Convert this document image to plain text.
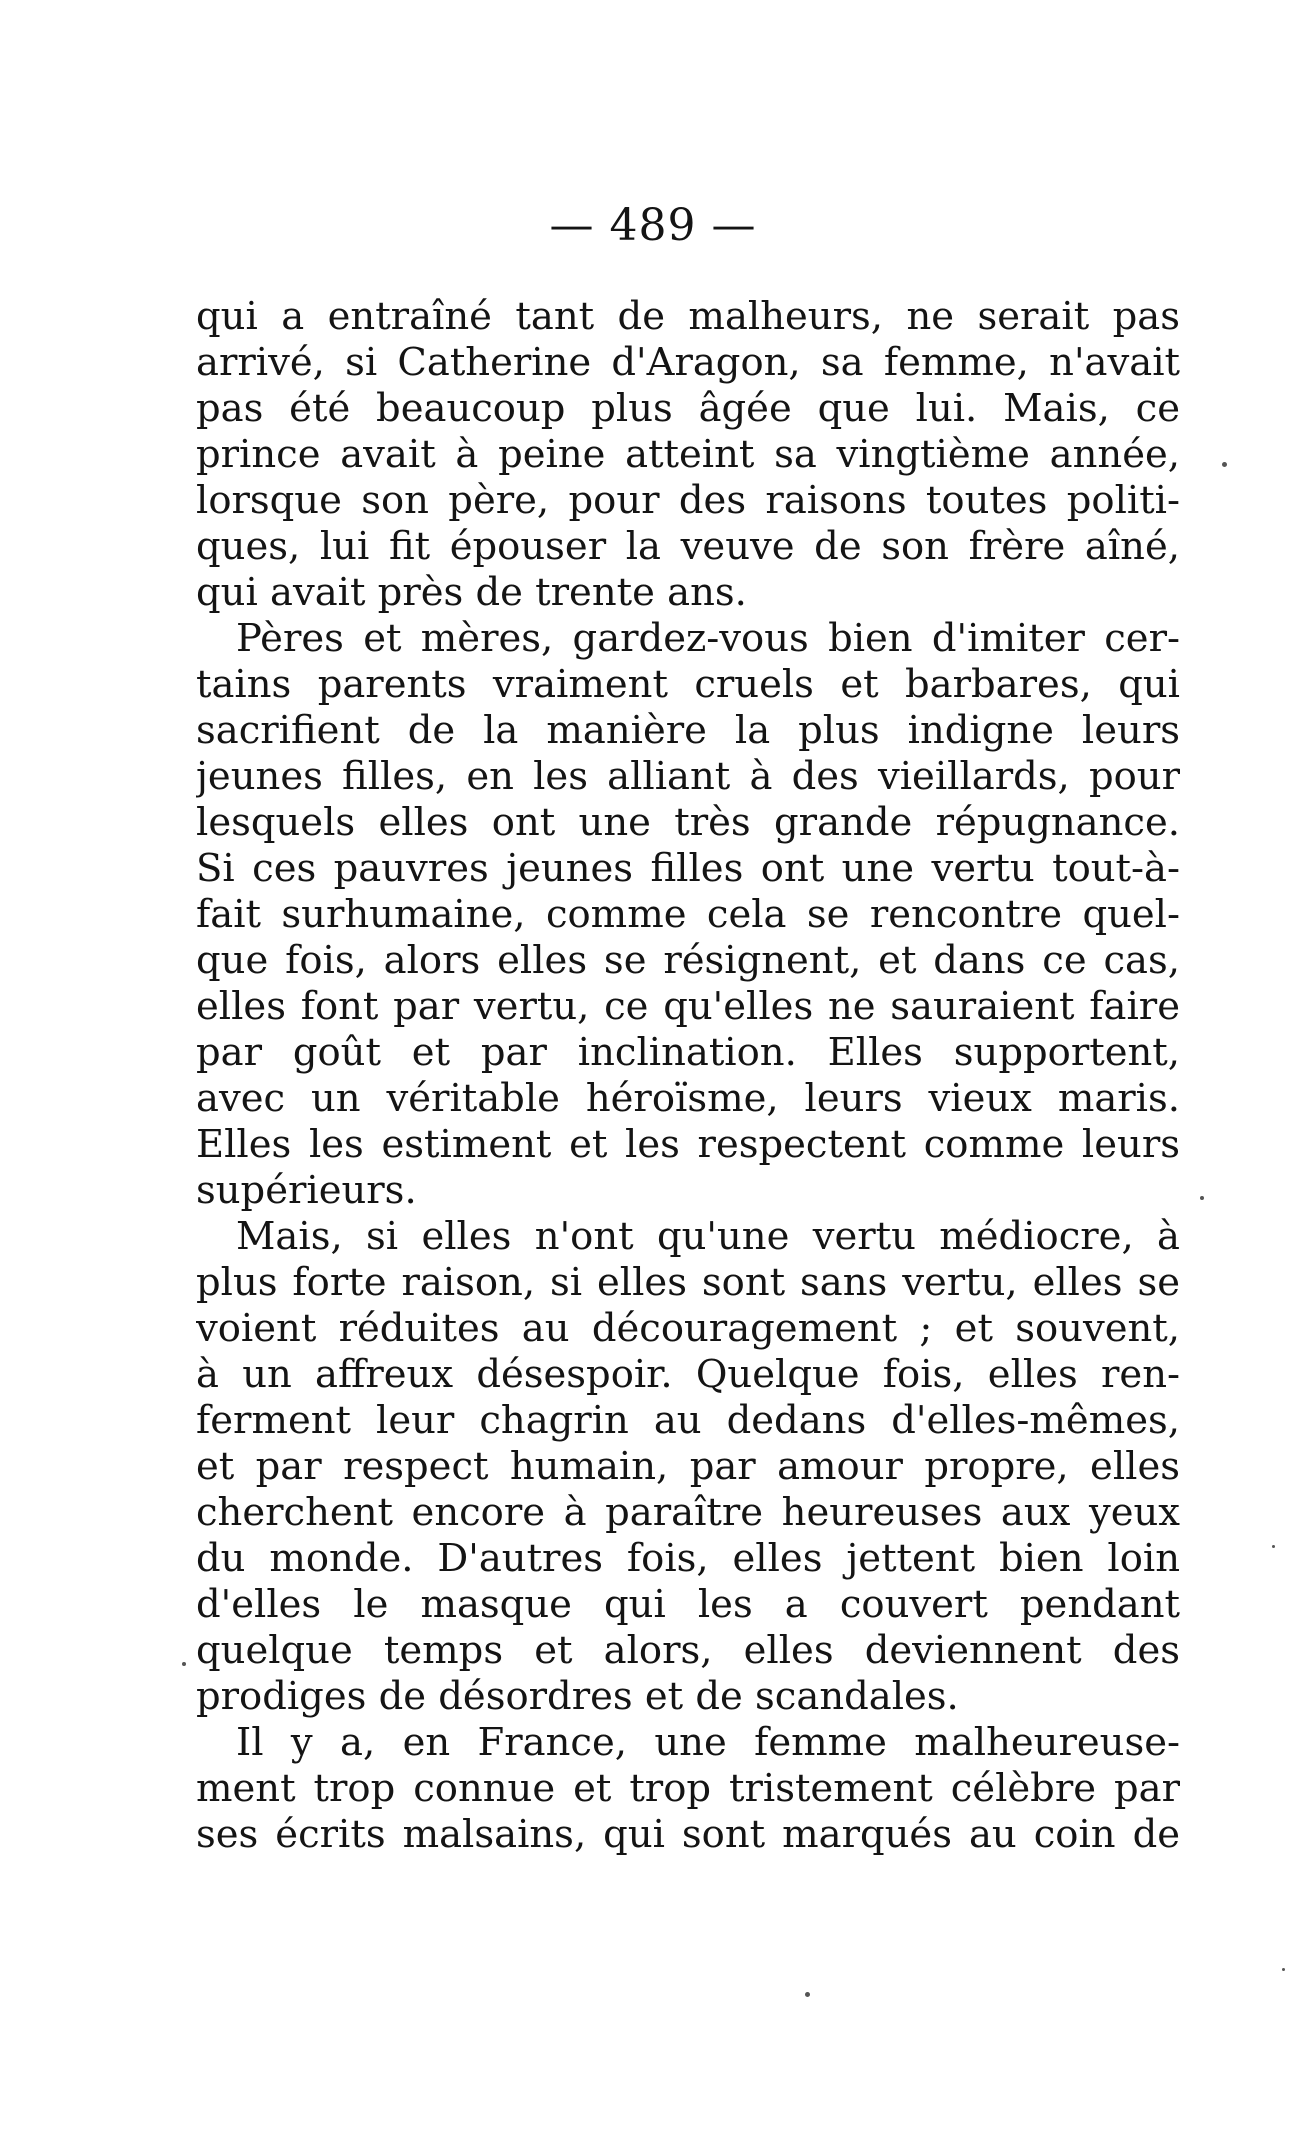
— 489 —
qui a entraîné tant de malheurs, ne serait pas
arrivé, si Catherine d'Aragon, sa femme, n'avait
pas été beaucoup plus âgée que lui. Mais, ce
prince avait à peine atteint sa vingtième année,
lorsque son père, pour des raisons toutes politi-
ques, lui fit épouser la veuve de son frère aîné,
qui avait près de trente ans.
Pères et mères, gardez-vous bien d'imiter cer-
tains parents vraiment cruels et barbares, qui
sacrifient de la manière la plus indigne leurs
jeunes filles, en les alliant à des vieillards, pour
lesquels elles ont une très grande répugnance.
Si ces pauvres jeunes filles ont une vertu tout-à-
fait surhumaine, comme cela se rencontre quel-
que fois, alors elles se résignent, et dans ce cas,
elles font par vertu, ce qu'elles ne sauraient faire
par goût et par inclination. Elles supportent,
avec un véritable héroïsme, leurs vieux maris.
Elles les estiment et les respectent comme leurs
supérieurs.
Mais, si elles n'ont qu'une vertu médiocre, à
plus forte raison, si elles sont sans vertu, elles se
voient réduites au découragement ; et souvent,
à un affreux désespoir. Quelque fois, elles ren-
ferment leur chagrin au dedans d'elles-mêmes,
et par respect humain, par amour propre, elles
cherchent encore à paraître heureuses aux yeux
du monde. D'autres fois, elles jettent bien loin
d'elles le masque qui les a couvert pendant
quelque temps et alors, elles deviennent des
prodiges de désordres et de scandales.
Il y a, en France, une femme malheureuse-
ment trop connue et trop tristement célèbre par
ses écrits malsains, qui sont marqués au coin de
